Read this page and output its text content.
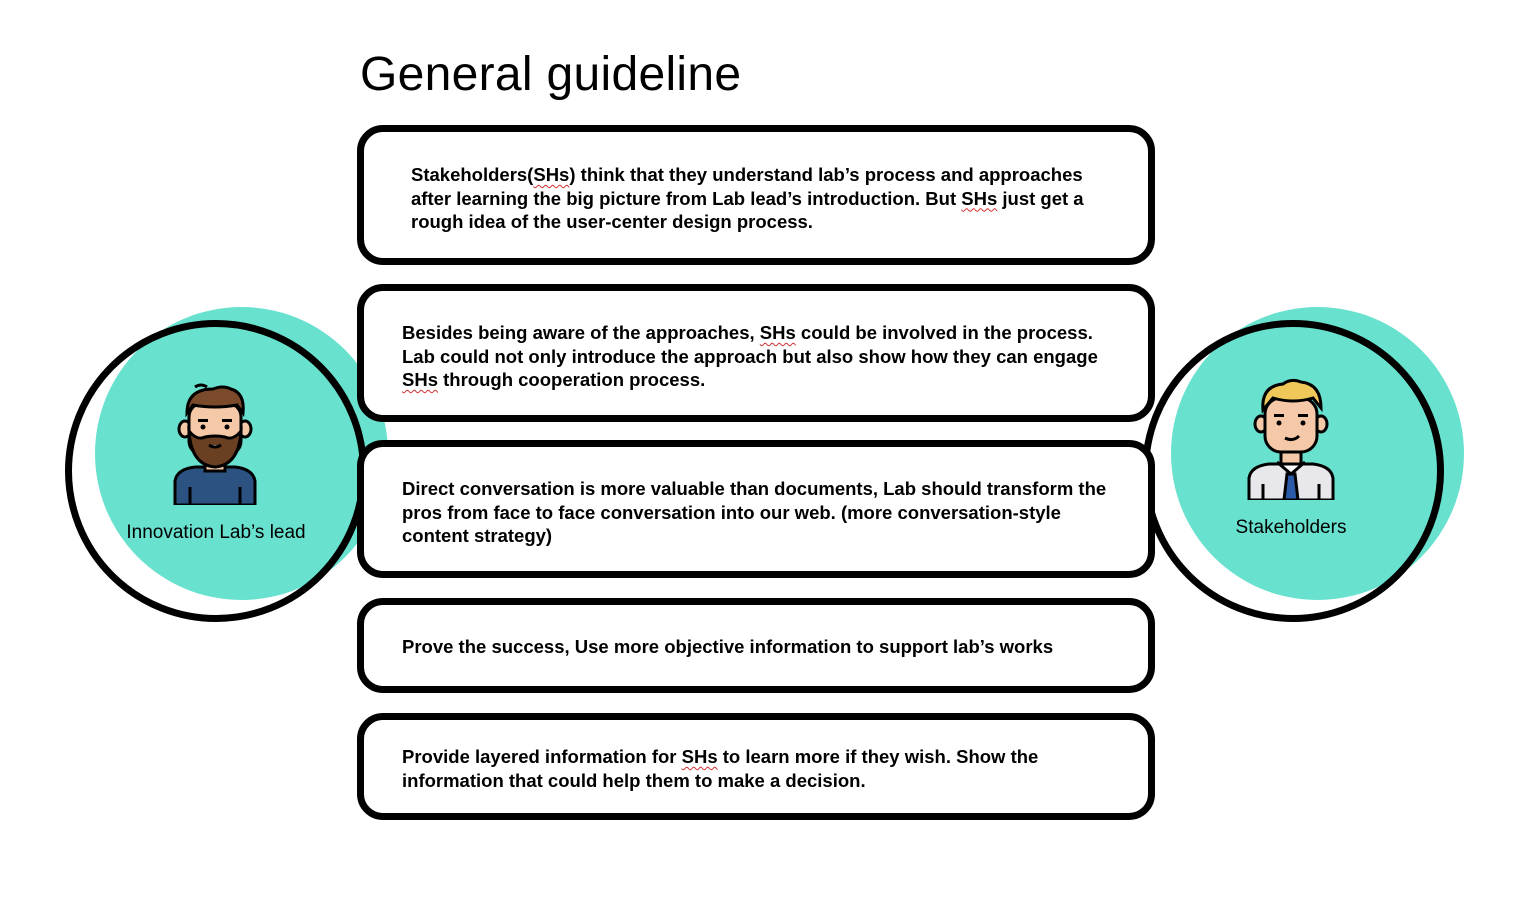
General guideline
Innovation Lab’s lead	Stakeholders

Stakeholders(SHs) think that they understand lab’s process and approaches after learning the big picture from Lab lead’s introduction. But SHs just get a rough idea of the user-center design process.

Besides being aware of the approaches, SHs could be involved in the process. Lab could not only introduce the approach but also show how they can engage SHs through cooperation process.

Direct conversation is more valuable than documents, Lab should transform the pros from face to face conversation into our web. (more conversation-style content strategy)

Prove the success, Use more objective information to support lab’s works

Provide layered information for SHs to learn more if they wish. Show the information that could help them to make a decision.
